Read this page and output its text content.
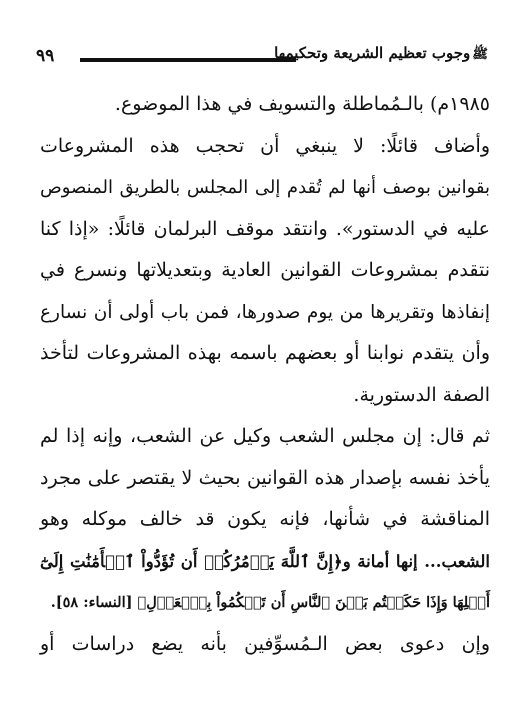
٩٩	ﷺوجوب تعظيم الشريعة وتحكيمها
١٩٨٥م) بالـمُماطلة والتسويف في هذا الموضوع.
وأضاف قائلًا: لا ينبغي أن تحجب هذه المشروعات
بقوانين بوصف أنها لم تُقدم إلى المجلس بالطريق المنصوص
عليه في الدستور». وانتقد موقف البرلمان قائلًا: «إذا كنا
نتقدم بمشروعات القوانين العادية وبتعديلاتها ونسرع في
إنفاذها وتقريرها من يوم صدورها، فمن باب أولى أن نسارع
وأن يتقدم نوابنا أو بعضهم باسمه بهذه المشروعات لتأخذ
الصفة الدستورية.
ثم قال: إن مجلس الشعب وكيل عن الشعب، وإنه إذا لم
يأخذ نفسه بإصدار هذه القوانين بحيث لا يقتصر على مجرد
المناقشة في شأنها، فإنه يكون قد خالف موكله وهو
الشعب... إنها أمانة و﴿إِنَّ ٱللَّهَ يَأۡمُرُكُمۡ أَن تُؤَدُّواْ ٱلۡأَمَٰنَٰتِ إِلَىٰٓ
أَهۡلِهَا وَإِذَا حَكَمۡتُم بَيۡنَ ٱلنَّاسِ أَن تَحۡكُمُواْ بِٱلۡعَدۡلِ﴾ [النساء: ٥٨].
وإن دعوى بعض الـمُسوِّفين بأنه يضع دراسات أو
